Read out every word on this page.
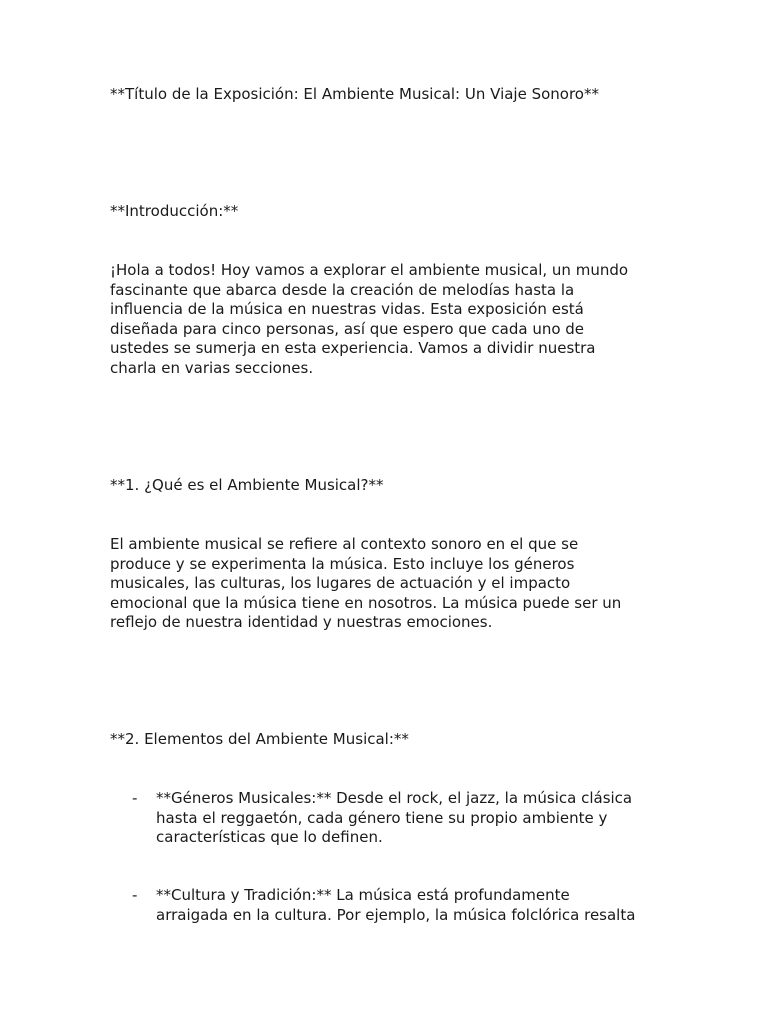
**Título de la Exposición: El Ambiente Musical: Un Viaje Sonoro**

**Introducción:**

¡Hola a todos! Hoy vamos a explorar el ambiente musical, un mundo
fascinante que abarca desde la creación de melodías hasta la
influencia de la música en nuestras vidas. Esta exposición está
diseñada para cinco personas, así que espero que cada uno de
ustedes se sumerja en esta experiencia. Vamos a dividir nuestra
charla en varias secciones.

**1. ¿Qué es el Ambiente Musical?**

El ambiente musical se refiere al contexto sonoro en el que se
produce y se experimenta la música. Esto incluye los géneros
musicales, las culturas, los lugares de actuación y el impacto
emocional que la música tiene en nosotros. La música puede ser un
reflejo de nuestra identidad y nuestras emociones.

**2. Elementos del Ambiente Musical:**

- **Géneros Musicales:** Desde el rock, el jazz, la música clásica
hasta el reggaetón, cada género tiene su propio ambiente y
características que lo definen.

- **Cultura y Tradición:** La música está profundamente
arraigada en la cultura. Por ejemplo, la música folclórica resalta
